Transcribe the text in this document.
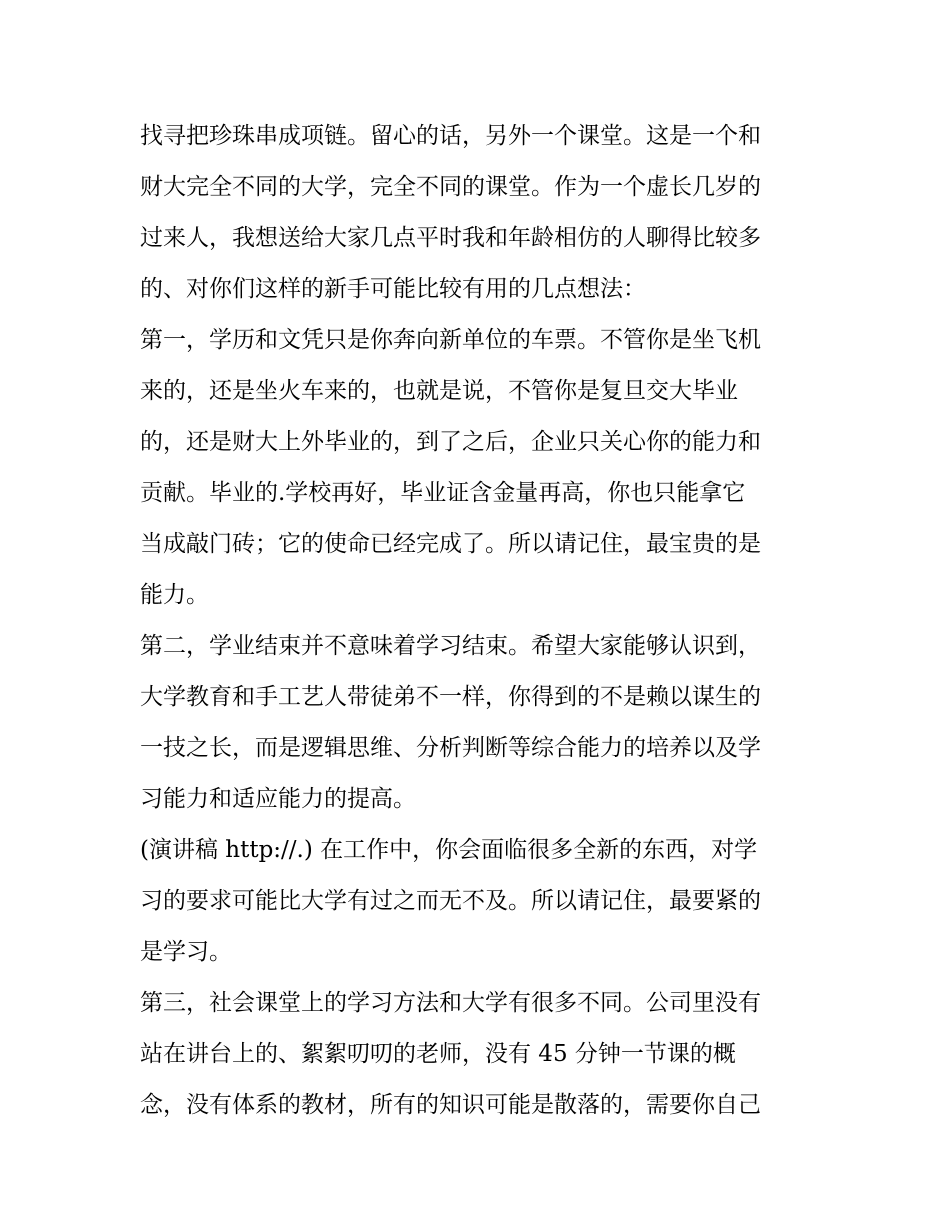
找寻把珍珠串成项链。留心的话，另外一个课堂。这是一个和
财大完全不同的大学，完全不同的课堂。作为一个虚长几岁的
过来人，我想送给大家几点平时我和年龄相仿的人聊得比较多
的、对你们这样的新手可能比较有用的几点想法：
第一，学历和文凭只是你奔向新单位的车票。不管你是坐飞机
来的，还是坐火车来的，也就是说，不管你是复旦交大毕业
的，还是财大上外毕业的，到了之后，企业只关心你的能力和
贡献。毕业的.学校再好，毕业证含金量再高，你也只能拿它
当成敲门砖；它的使命已经完成了。所以请记住，最宝贵的是
能力。
第二，学业结束并不意味着学习结束。希望大家能够认识到，
大学教育和手工艺人带徒弟不一样，你得到的不是赖以谋生的
一技之长，而是逻辑思维、分析判断等综合能力的培养以及学
习能力和适应能力的提高。
(演讲稿 http://.) 在工作中，你会面临很多全新的东西，对学
习的要求可能比大学有过之而无不及。所以请记住，最要紧的
是学习。
第三，社会课堂上的学习方法和大学有很多不同。公司里没有
站在讲台上的、絮絮叨叨的老师，没有 45 分钟一节课的概
念，没有体系的教材，所有的知识可能是散落的，需要你自己
